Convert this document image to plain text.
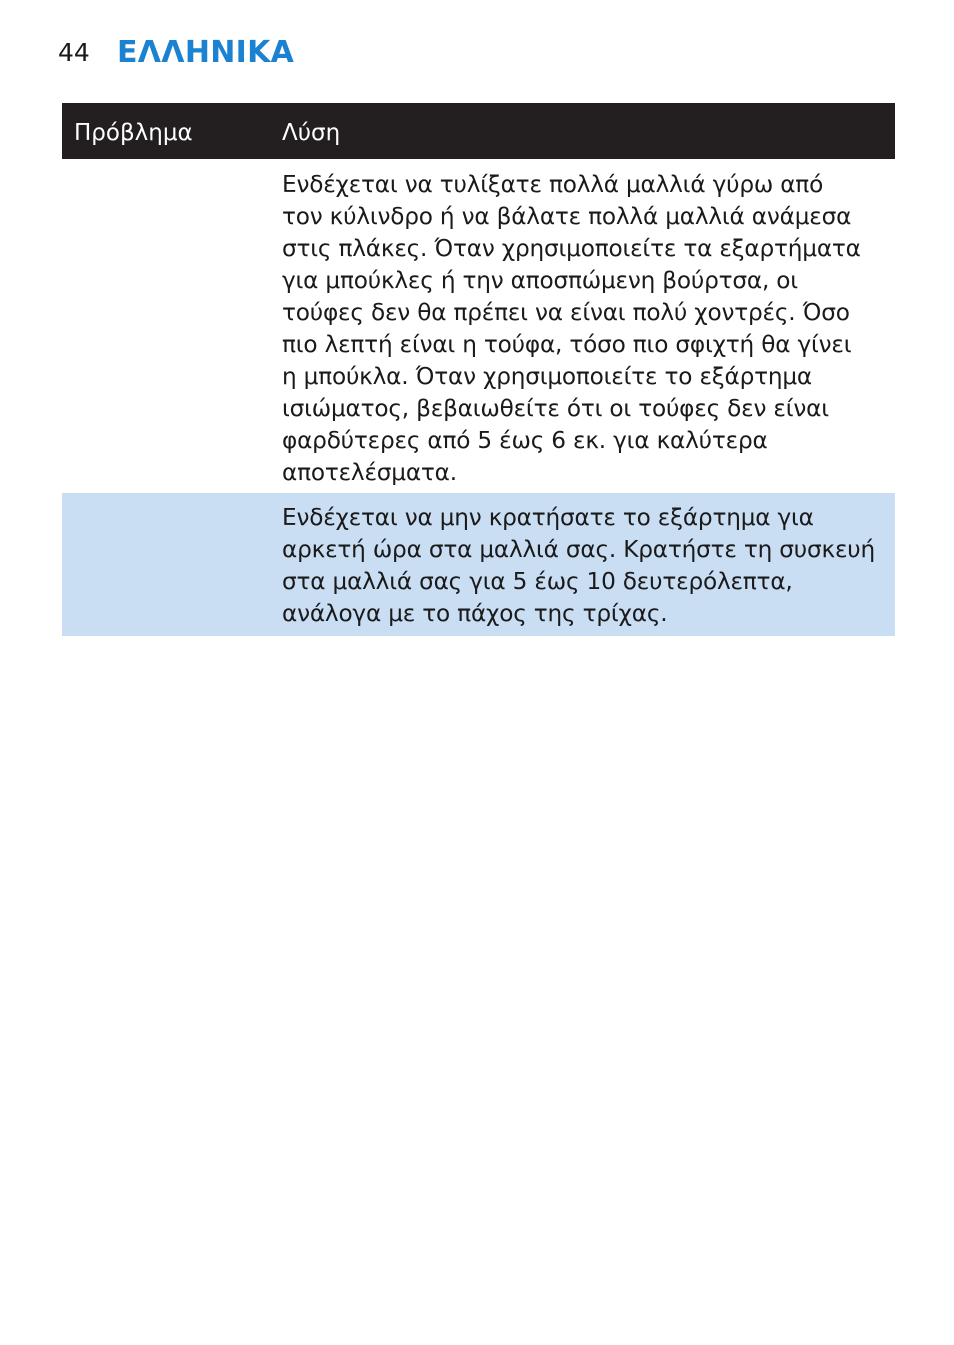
44 ΕΛΛΗΝΙΚΑ
Πρόβλημα	Λύση
Ενδέχεται να τυλίξατε πολλά μαλλιά γύρω από
τον κύλινδρο ή να βάλατε πολλά μαλλιά ανάμεσα
στις πλάκες. Όταν χρησιμοποιείτε τα εξαρτήματα
για μπούκλες ή την αποσπώμενη βούρτσα, οι
τούφες δεν θα πρέπει να είναι πολύ χοντρές. Όσο
πιο λεπτή είναι η τούφα, τόσο πιο σφιχτή θα γίνει
η μπούκλα. Όταν χρησιμοποιείτε το εξάρτημα
ισιώματος, βεβαιωθείτε ότι οι τούφες δεν είναι
φαρδύτερες από 5 έως 6 εκ. για καλύτερα
αποτελέσματα.
Ενδέχεται να μην κρατήσατε το εξάρτημα για
αρκετή ώρα στα μαλλιά σας. Κρατήστε τη συσκευή
στα μαλλιά σας για 5 έως 10 δευτερόλεπτα,
ανάλογα με το πάχος της τρίχας.
